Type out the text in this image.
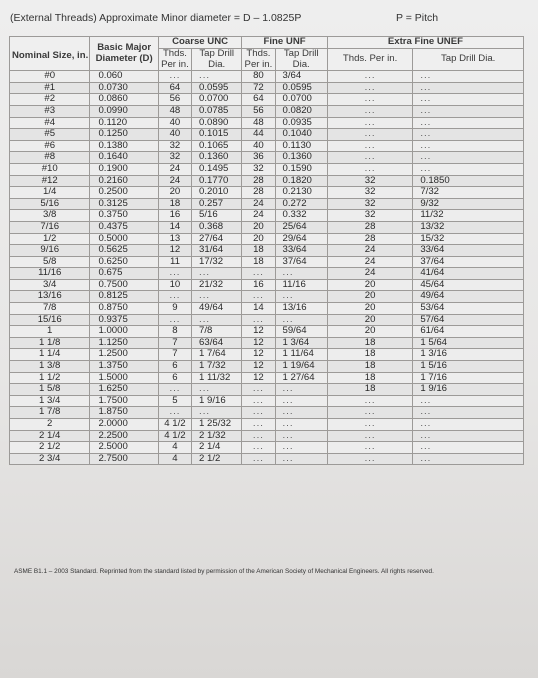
(External Threads) Approximate Minor diameter = D – 1.0825P	P = Pitch
Nominal Size, in.	Basic Major Diameter (D)	Coarse UNC		Fine UNF		Extra Fine UNEF	
		Thds. Per in.	Tap Drill Dia.	Thds. Per in.	Tap Drill Dia.	Thds. Per in.	Tap Drill Dia.
#0	0.060	...	...	80	3/64	...	...
#1	0.0730	64	0.0595	72	0.0595	...	...
#2	0.0860	56	0.0700	64	0.0700	...	...
#3	0.0990	48	0.0785	56	0.0820	...	...
#4	0.1120	40	0.0890	48	0.0935	...	...
#5	0.1250	40	0.1015	44	0.1040	...	...
#6	0.1380	32	0.1065	40	0.1130	...	...
#8	0.1640	32	0.1360	36	0.1360	...	...
#10	0.1900	24	0.1495	32	0.1590	...	...
#12	0.2160	24	0.1770	28	0.1820	32	0.1850
1/4	0.2500	20	0.2010	28	0.2130	32	7/32
5/16	0.3125	18	0.257	24	0.272	32	9/32
3/8	0.3750	16	5/16	24	0.332	32	11/32
7/16	0.4375	14	0.368	20	25/64	28	13/32
1/2	0.5000	13	27/64	20	29/64	28	15/32
9/16	0.5625	12	31/64	18	33/64	24	33/64
5/8	0.6250	11	17/32	18	37/64	24	37/64
11/16	0.675	...	...	...	...	24	41/64
3/4	0.7500	10	21/32	16	11/16	20	45/64
13/16	0.8125	...	...	...	...	20	49/64
7/8	0.8750	9	49/64	14	13/16	20	53/64
15/16	0.9375	...	...	...	...	20	57/64
1	1.0000	8	7/8	12	59/64	20	61/64
1 1/8	1.1250	7	63/64	12	1 3/64	18	1 5/64
1 1/4	1.2500	7	1 7/64	12	1 11/64	18	1 3/16
1 3/8	1.3750	6	1 7/32	12	1 19/64	18	1 5/16
1 1/2	1.5000	6	1 11/32	12	1 27/64	18	1 7/16
1 5/8	1.6250	...	...	...	...	18	1 9/16
1 3/4	1.7500	5	1 9/16	...	...	...	...
1 7/8	1.8750	...	...	...	...	...	...
2	2.0000	4 1/2	1 25/32	...	...	...	...
2 1/4	2.2500	4 1/2	2 1/32	...	...	...	...
2 1/2	2.5000	4	2 1/4	...	...	...	...
2 3/4	2.7500	4	2 1/2	...	...	...	...
ASME B1.1 – 2003 Standard. Reprinted from the standard listed by permission of the American Society of Mechanical Engineers. All rights reserved.
